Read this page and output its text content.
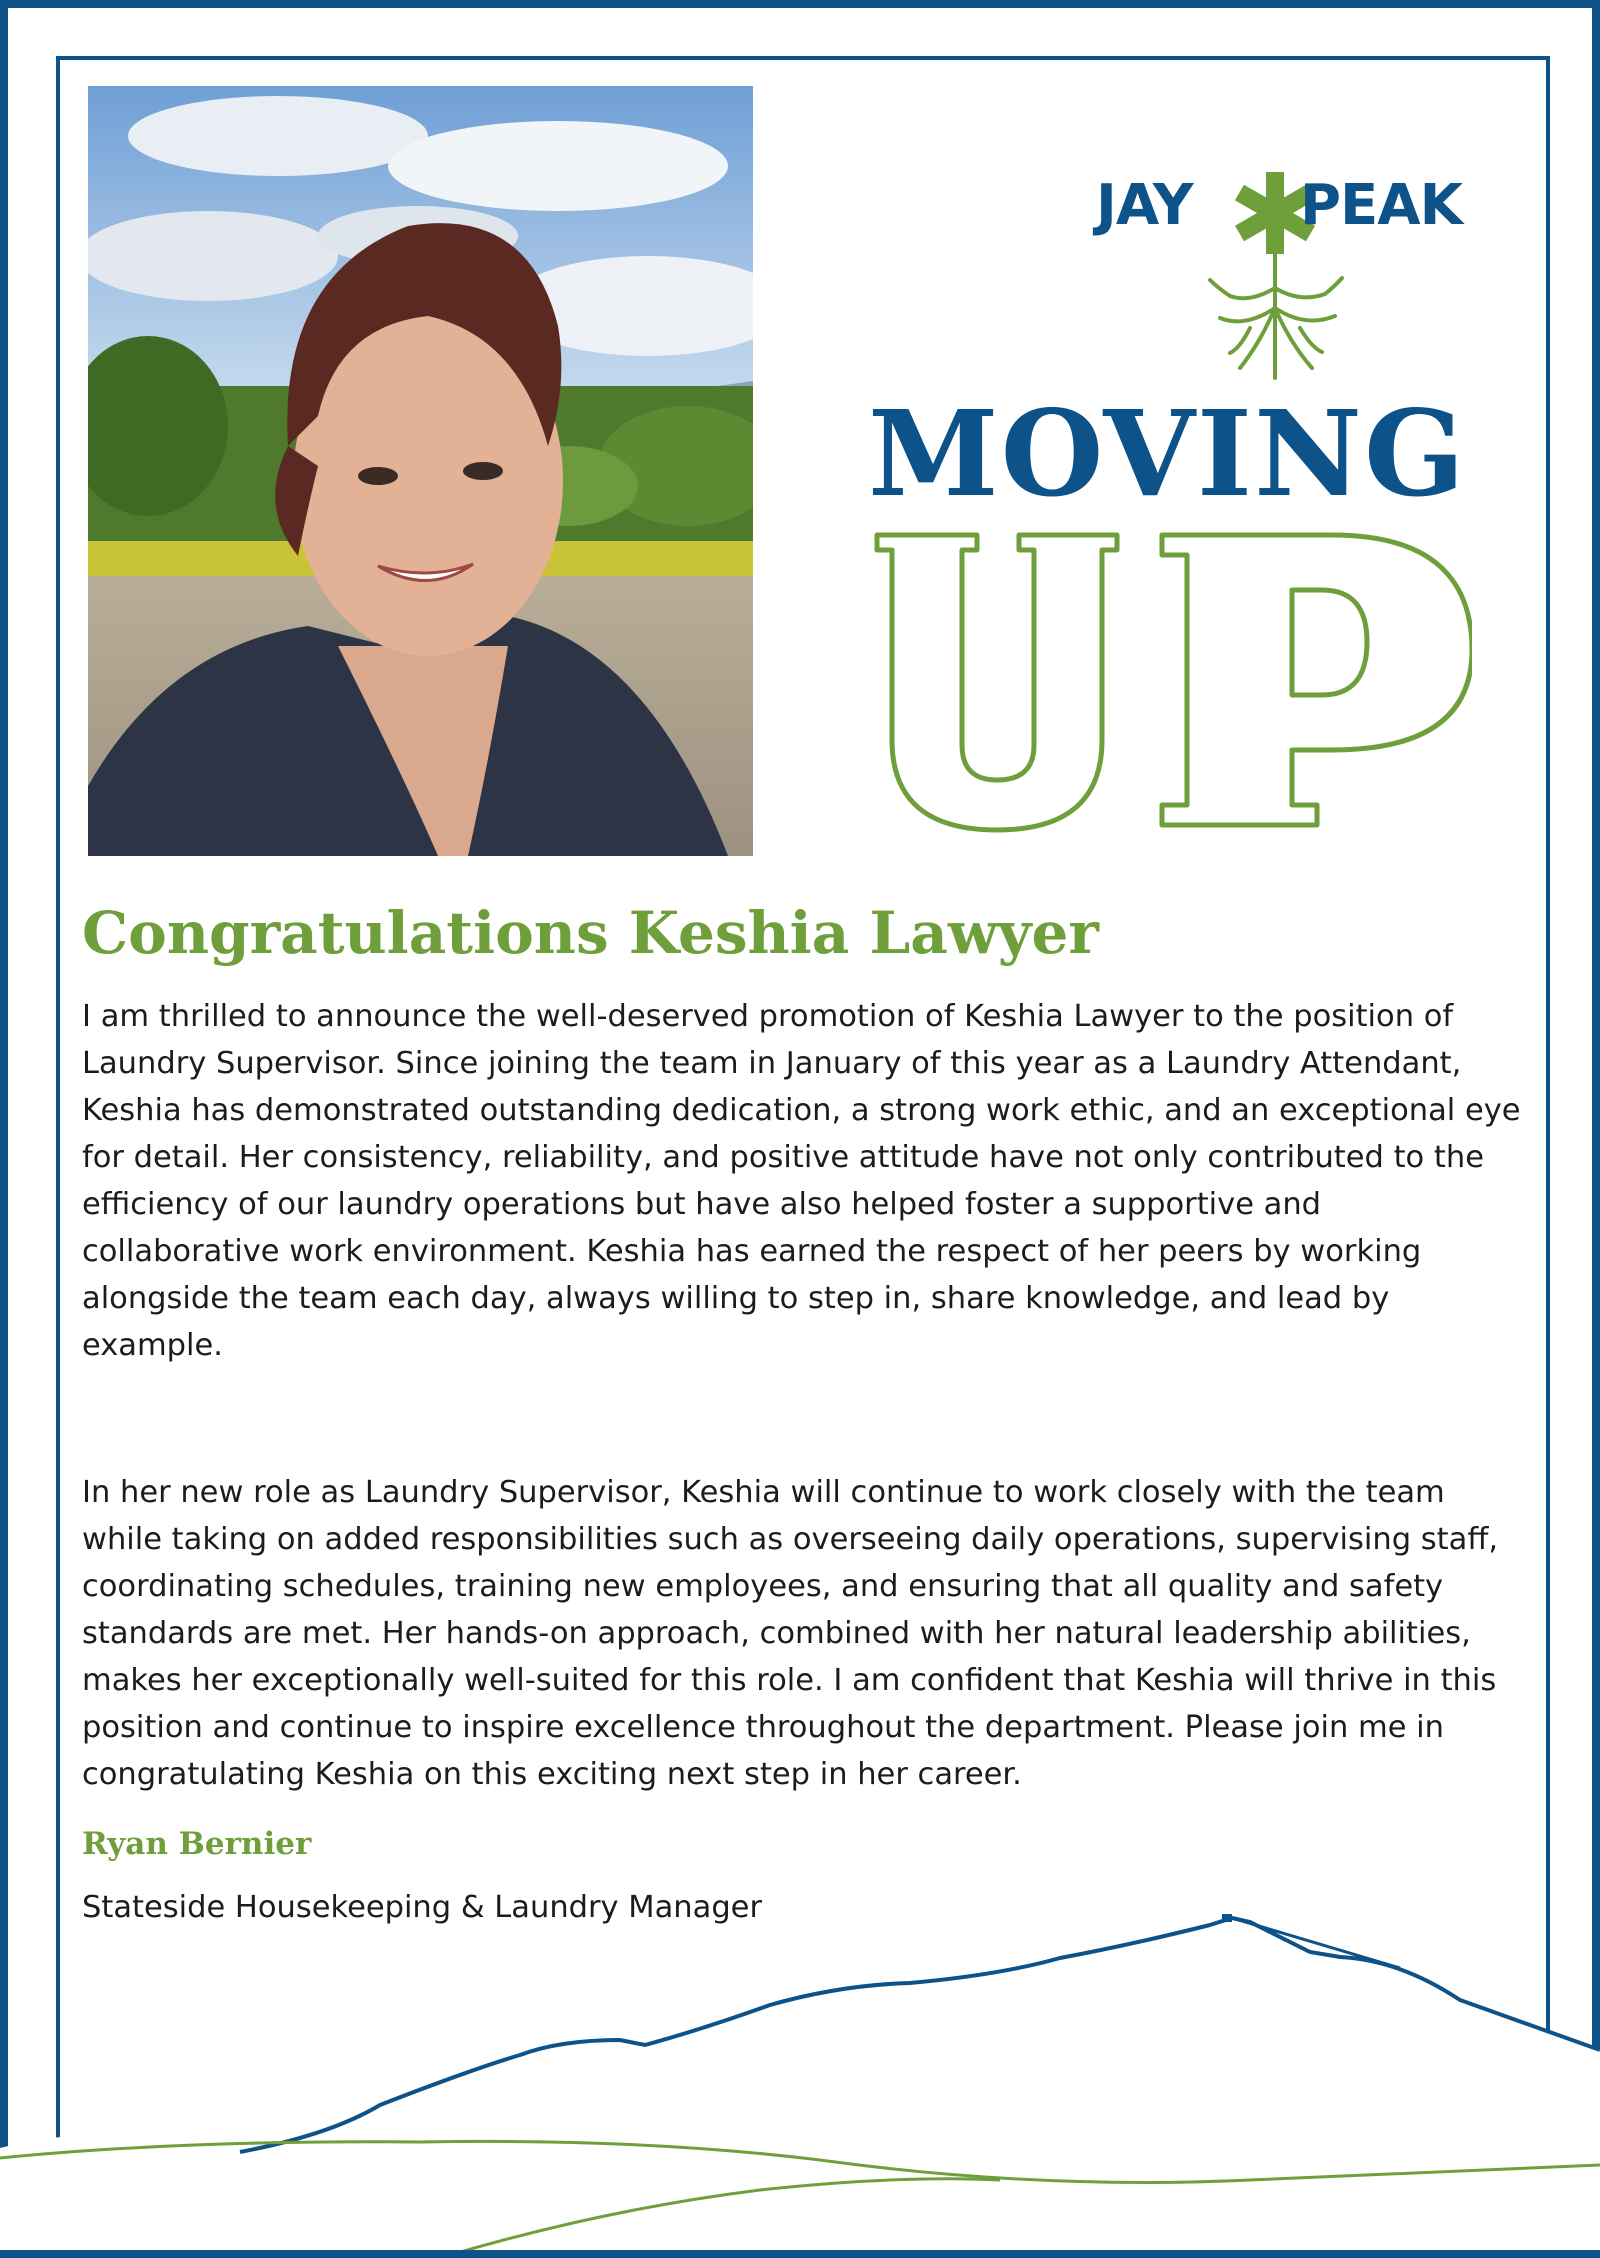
JAY PEAK
MOVING
Congratulations Keshia Lawyer

I am thrilled to announce the well-deserved promotion of Keshia Lawyer to the position of Laundry Supervisor. Since joining the team in January of this year as a Laundry Attendant, Keshia has demonstrated outstanding dedication, a strong work ethic, and an exceptional eye for detail. Her consistency, reliability, and positive attitude have not only contributed to the efficiency of our laundry operations but have also helped foster a supportive and collaborative work environment. Keshia has earned the respect of her peers by working alongside the team each day, always willing to step in, share knowledge, and lead by example.

In her new role as Laundry Supervisor, Keshia will continue to work closely with the team while taking on added responsibilities such as overseeing daily operations, supervising staff, coordinating schedules, training new employees, and ensuring that all quality and safety standards are met. Her hands-on approach, combined with her natural leadership abilities, makes her exceptionally well-suited for this role. I am confident that Keshia will thrive in this position and continue to inspire excellence throughout the department. Please join me in congratulating Keshia on this exciting next step in her career.

Ryan Bernier
Stateside Housekeeping & Laundry Manager
